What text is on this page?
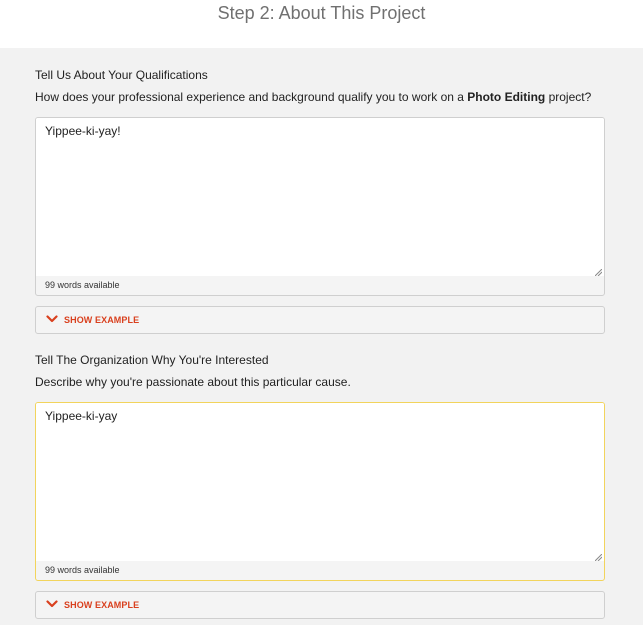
Step 2: About This Project
Tell Us About Your Qualifications
How does your professional experience and background qualify you to work on a Photo Editing project?
Yippee-ki-yay!
99 words available
SHOW EXAMPLE
Tell The Organization Why You're Interested
Describe why you're passionate about this particular cause.
Yippee-ki-yay
99 words available
SHOW EXAMPLE
